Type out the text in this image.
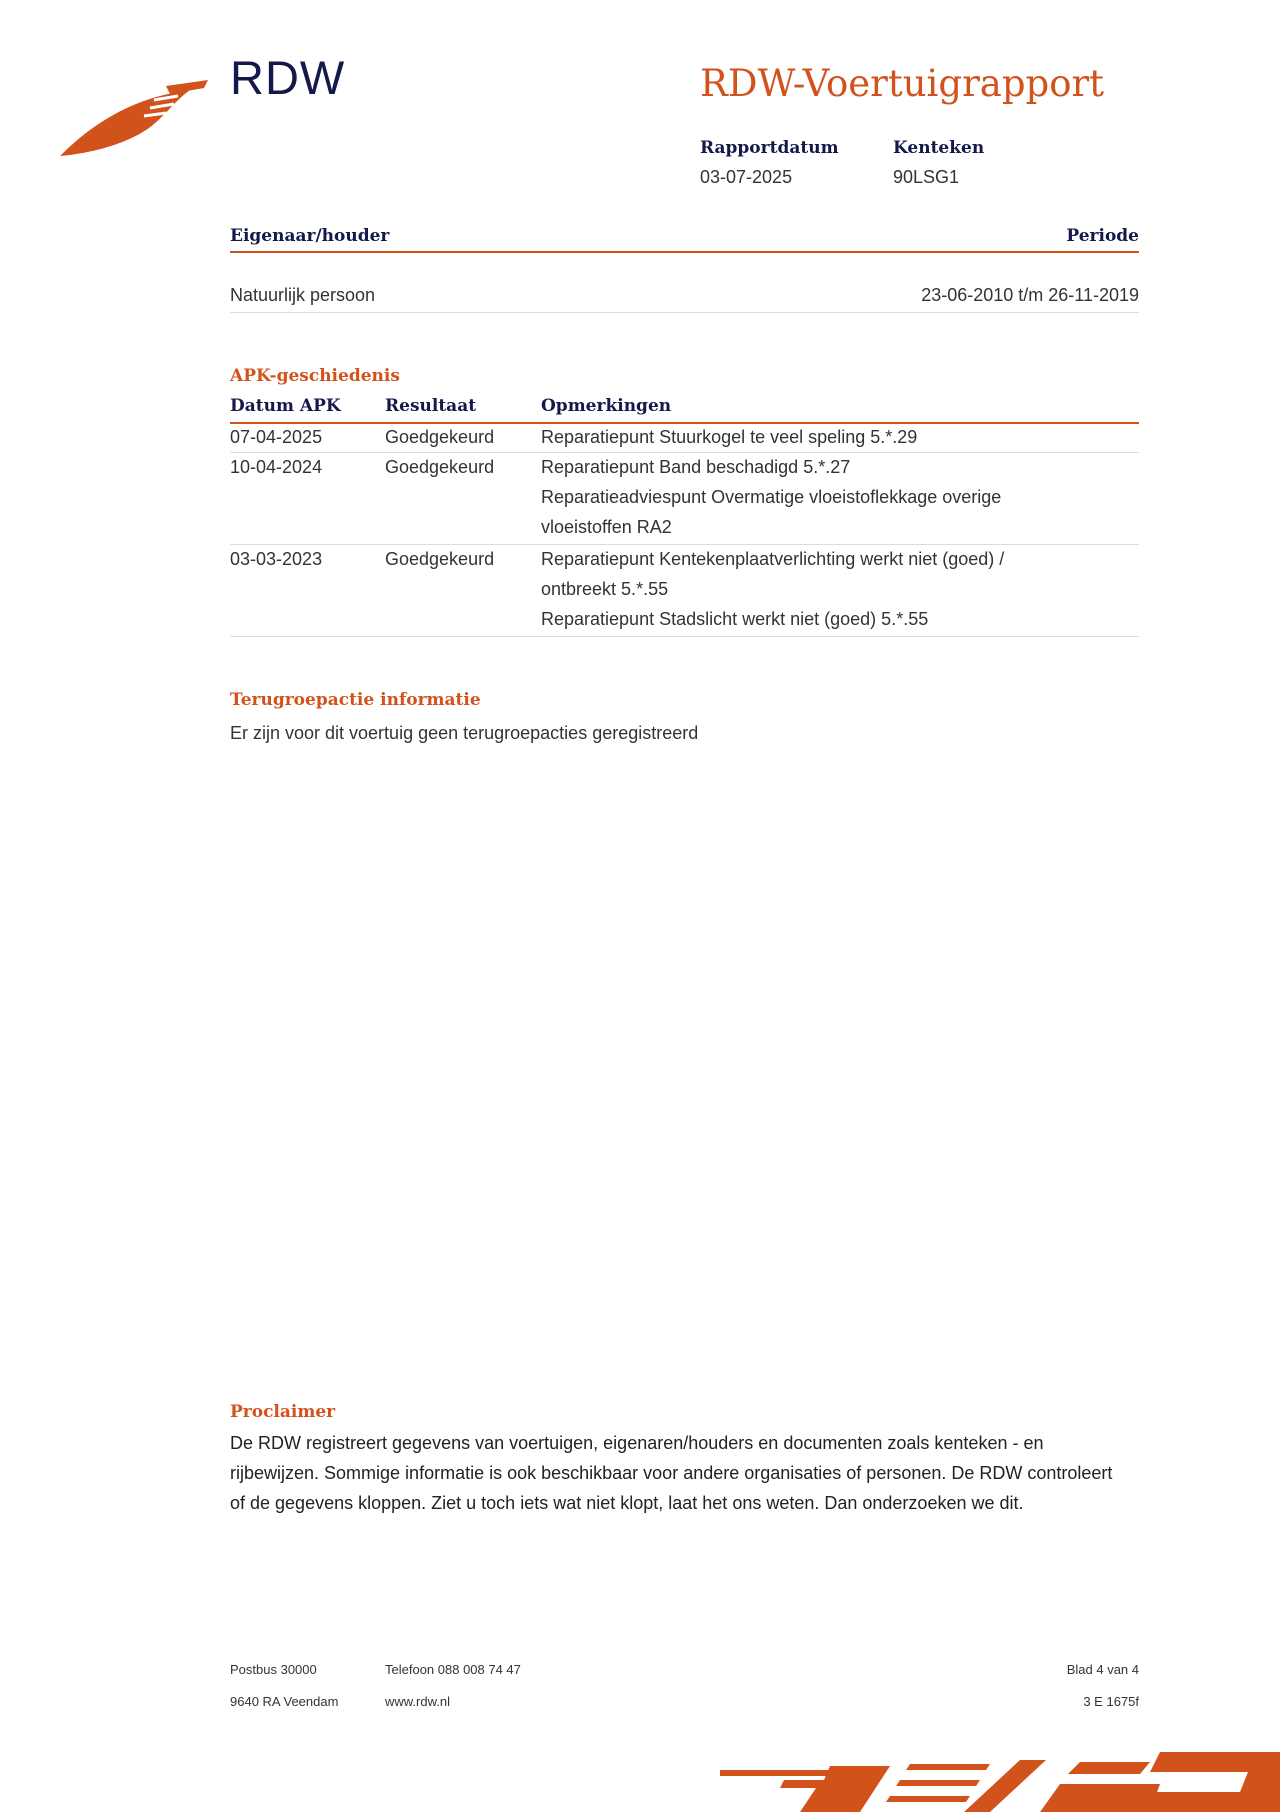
RDW	RDW-Voertuigrapport
Rapportdatum
03-07-2025
Kenteken
90LSG1
Eigenaar/houder	Periode
Natuurlijk persoon	23-06-2010 t/m 26-11-2019
APK-geschiedenis
Datum APK	Resultaat	Opmerkingen
07-04-2025	Goedgekeurd	Reparatiepunt Stuurkogel te veel speling 5.*.29
10-04-2024	Goedgekeurd	Reparatiepunt Band beschadigd 5.*.27
Reparatieadviespunt Overmatige vloeistoflekkage overige
vloeistoffen RA2
03-03-2023	Goedgekeurd	Reparatiepunt Kentekenplaatverlichting werkt niet (goed) /
ontbreekt 5.*.55
Reparatiepunt Stadslicht werkt niet (goed) 5.*.55
Terugroepactie informatie
Er zijn voor dit voertuig geen terugroepacties geregistreerd
Proclaimer
De RDW registreert gegevens van voertuigen, eigenaren/houders en documenten zoals kenteken - en rijbewijzen. Sommige informatie is ook beschikbaar voor andere organisaties of personen. De RDW controleert of de gegevens kloppen. Ziet u toch iets wat niet klopt, laat het ons weten. Dan onderzoeken we dit.
Postbus 30000
9640 RA Veendam
Telefoon 088 008 74 47
www.rdw.nl
Blad 4 van 4
3 E 1675f
